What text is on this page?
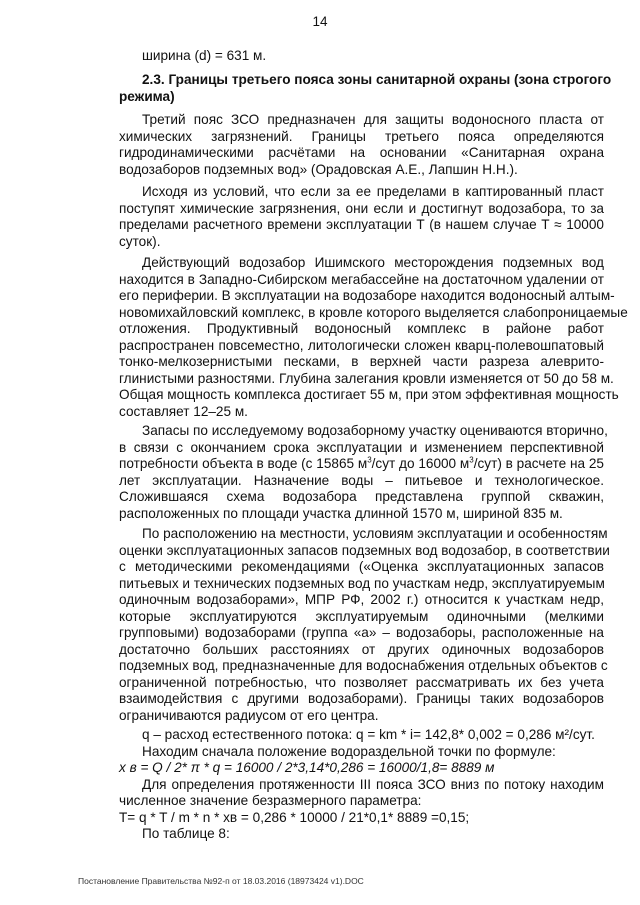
14

ширина (d) = 631 м.

2.3. Границы третьего пояса зоны санитарной охраны (зона строгого
режима)

Третий пояс ЗСО предназначен для защиты водоносного пласта от
химических загрязнений. Границы третьего пояса определяются
гидродинамическими расчётами на основании «Санитарная охрана
водозаборов подземных вод» (Орадовская А.Е., Лапшин Н.Н.).

Исходя из условий, что если за ее пределами в каптированный пласт
поступят химические загрязнения, они если и достигнут водозабора, то за
пределами расчетного времени эксплуатации Т (в нашем случае Т ≈ 10000
суток).

Действующий водозабор Ишимского месторождения подземных вод
находится в Западно-Сибирском мегабассейне на достаточном удалении от
его периферии. В эксплуатации на водозаборе находится водоносный алтым-
новомихайловский комплекс, в кровле которого выделяется слабопроницаемые
отложения. Продуктивный водоносный комплекс в районе работ
распространен повсеместно, литологически сложен кварц-полевошпатовый
тонко-мелкозернистыми песками, в верхней части разреза алеврито-
глинистыми разностями. Глубина залегания кровли изменяется от 50 до 58 м.
Общая мощность комплекса достигает 55 м, при этом эффективная мощность
составляет 12–25 м.

Запасы по исследуемому водозаборному участку оцениваются вторично,
в связи с окончанием срока эксплуатации и изменением перспективной
потребности объекта в воде (с 15865 $м^3$/сут до 16000 $м^3/сут$) в расчете на 25
лет эксплуатации. Назначение воды – питьевое и технологическое.
Сложившаяся схема водозабора представлена группой скважин,
расположенных по площади участка длинной 1570 м, шириной 835 м.

По расположению на местности, условиям эксплуатации и особенностям
оценки эксплуатационных запасов подземных вод водозабор, в соответствии
с методическими рекомендациями («Оценка эксплуатационных запасов
питьевых и технических подземных вод по участкам недр, эксплуатируемым
одиночным водозаборами», МПР РФ, 2002 г.) относится к участкам недр,
которые эксплуатируются эксплуатируемым одиночными (мелкими
групповыми) водозаборами (группа «а» – водозаборы, расположенные на
достаточно больших расстояниях от других одиночных водозаборов
подземных вод, предназначенные для водоснабжения отдельных объектов с
ограниченной потребностью, что позволяет рассматривать их без учета
взаимодействия с другими водозаборами). Границы таких водозаборов
ограничиваются радиусом от его центра.

q – расход естественного потока: q = km * i= 142,8* 0,002 = 0,286 м²/сут.
Находим сначала положение водораздельной точки по формуле:
х в = Q / 2* π * q = 16000 / 2*3,14*0,286 = 16000/1,8= 8889 м
Для определения протяженности III пояса ЗСО вниз по потоку находим
численное значение безразмерного параметра:
T= q * T / m * n * xв = 0,286 * 10000 / 21*0,1* 8889 =0,15;
По таблице 8:

Постановление Правительства №92-п от 18.03.2016 (18973424 v1).DOC
